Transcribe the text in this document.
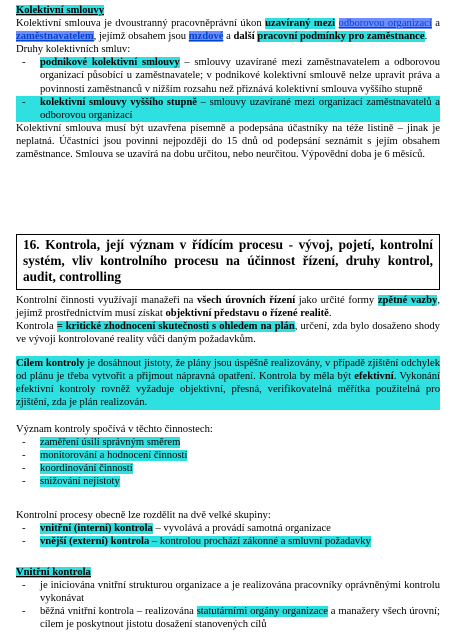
Kolektivní smlouvy

Kolektivní smlouva je dvoustranný pracovněprávní úkon uzavíraný mezi odborovou organizací a zaměstnavatelem, jejímž obsahem jsou mzdové a další pracovní podmínky pro zaměstnance.

Druhy kolektivních smluv:

- podnikové kolektivní smlouvy – smlouvy uzavírané mezi zaměstnavatelem a odborovou organizací působící u zaměstnavatele; v podnikové kolektivní smlouvě nelze upravit práva a povinnosti zaměstnanců v nižším rozsahu než přiznává kolektivní smlouva vyššího stupně
- kolektivní smlouvy vyššího stupně – smlouvy uzavírané mezi organizací zaměstnavatelů a odborovou organizací

Kolektivní smlouva musí být uzavřena písemně a podepsána účastníky na téže listině – jinak je neplatná. Účastníci jsou povinni nejpozději do 15 dnů od podepsání seznámit s jejím obsahem zaměstnance. Smlouva se uzavírá na dobu určitou, nebo neurčitou. Výpovědní doba je 6 měsíců.

16. Kontrola, její význam v řídícím procesu - vývoj, pojetí, kontrolní systém, vliv kontrolního procesu na účinnost řízení, druhy kontrol, audit, controlling

Kontrolní činnosti využívají manažeři na všech úrovních řízení jako určité formy zpětné vazby, jejímž prostřednictvím musí získat objektivní představu o řízené realitě.

Kontrola = kritické zhodnocení skutečnosti s ohledem na plán, určení, zda bylo dosaženo shody ve vývoji kontrolované reality vůči daným požadavkům.

Cílem kontroly je dosáhnout jistoty, že plány jsou úspěšně realizovány, v případě zjištění odchylek od plánu je třeba vytvořit a přijmout nápravná opatření. Kontrola by měla být efektivní. Vykonání efektivní kontroly rovněž vyžaduje objektivní, přesná, verifikovatelná měřítka použitelná pro zjištění, zda je plán realizován.

Význam kontroly spočívá v těchto činnostech:

- zaměření úsilí správným směrem
- monitorování a hodnocení činností
- koordinování činností
- snižování nejistoty

Kontrolní procesy obecně lze rozdělit na dvě velké skupiny:

- vnitřní (interní) kontrola – vyvolává a provádí samotná organizace
- vnější (externí) kontrola – kontrolou prochází zákonné a smluvní požadavky

Vnitřní kontrola

- je iniciována vnitřní strukturou organizace a je realizována pracovníky oprávněnými kontrolu vykonávat
- běžná vnitřní kontrola – realizována statutárními orgány organizace a manažery všech úrovní; cílem je poskytnout jistotu dosažení stanovených cílů
